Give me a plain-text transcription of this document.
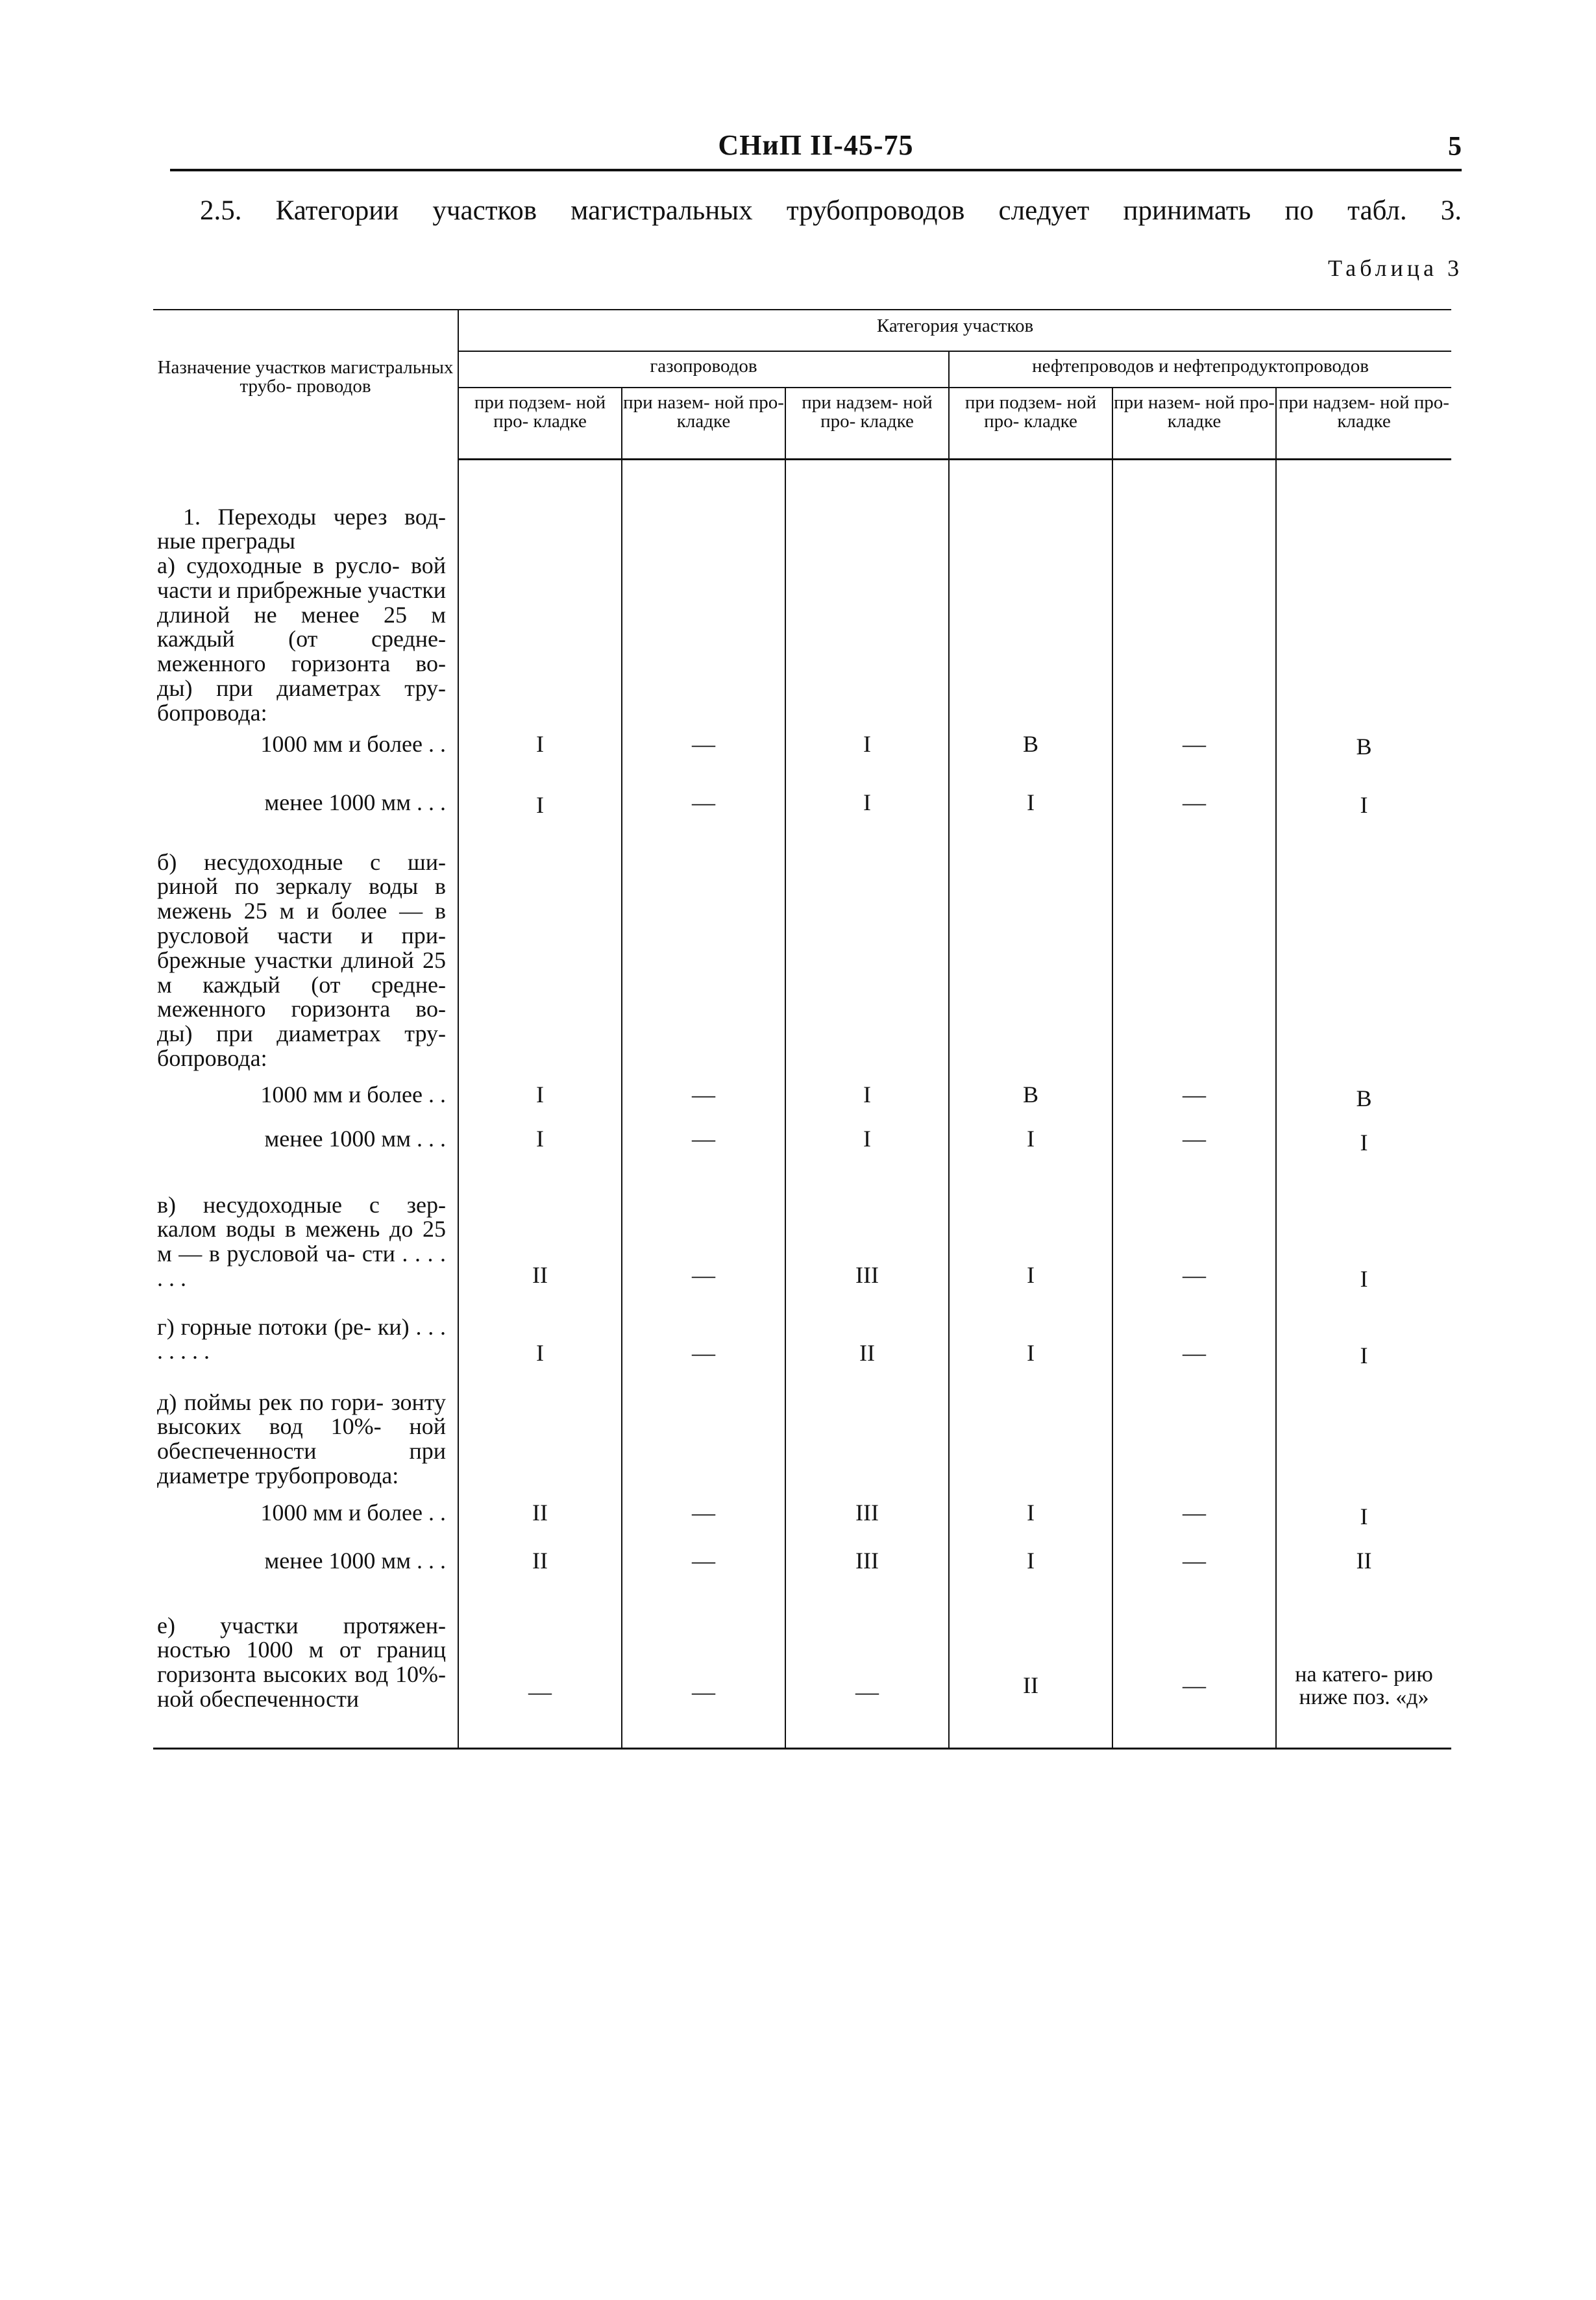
СНиП II-45-75	5
2.5. Категории участков магистральных трубопроводов следует принимать по табл. 3.
Таблица 3
Назначение участков магистральных трубо- проводов	Категория участков					
	газопроводов			нефтепроводов и нефтепродуктопроводов		
	при подзем- ной про- кладке	при назем- ной про- кладке	при надзем- ной про- кладке	при подзем- ной про- кладке	при назем- ной про- кладке	при надзем- ной про- кладке
1. Переходы через вод- ные преграды						
а) судоходные в русло- вой части и прибрежные участки длиной не менее 25 м каждый (от средне- меженного горизонта во- ды) при диаметрах тру- бопровода:						
1000 мм и более . .	I	—	I	B	—	B
менее 1000 мм . . .	I	—	I	I	—	I
б) несудоходные с ши- риной по зеркалу воды в межень 25 м и более — в русловой части и при- брежные участки длиной 25 м каждый (от средне- меженного горизонта во- ды) при диаметрах тру- бопровода:						
1000 мм и более . .	I	—	I	B	—	B
менее 1000 мм . . .	I	—	I	I	—	I
в) несудоходные с зер- калом воды в межень до 25 м — в русловой ча- сти . . . . . . .	II	—	III	I	—	I
г) горные потоки (ре- ки) . . . . . . . .	I	—	II	I	—	I
д) поймы рек по гори- зонту высоких вод 10%- ной обеспеченности при диаметре трубопровода:						
1000 мм и более . .	II	—	III	I	—	I
менее 1000 мм . . .	II	—	III	I	—	II
е) участки протяжен- ностью 1000 м от границ горизонта высоких вод 10%-ной обеспеченности	—	—	—	II	—	на катего- рию ниже поз. «д»
